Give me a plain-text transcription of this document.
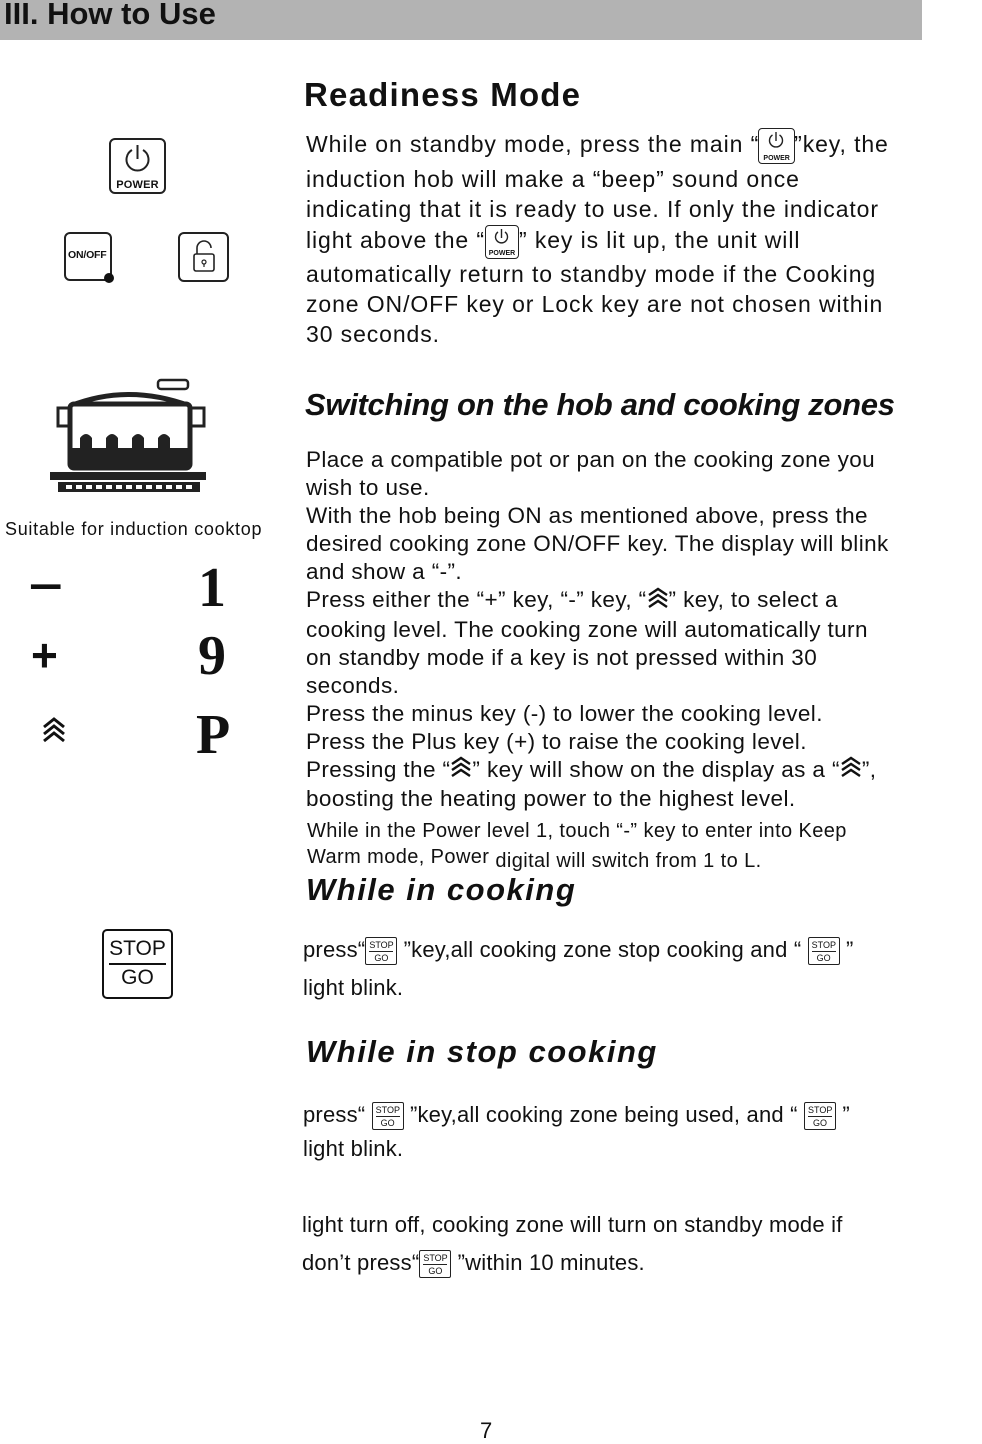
III. How to Use
POWER
ON/OFF
Suitable for induction cooktop
–
+
1
9
P
STOP
GO
Readiness Mode
While on standby mode, press the main “
POWER
”key, the
induction hob will make a “beep” sound once
indicating that it is ready to use. If only the indicator
light above the “
POWER
” key is lit up, the unit will
automatically return to standby mode if the Cooking
zone ON/OFF key or Lock key are not chosen within
30 seconds.
Switching on the hob and cooking zones
Place a compatible pot or pan on the cooking zone you
wish to use.
With the hob being ON as mentioned above, press the
desired cooking zone ON/OFF key. The display will blink
and show a “-”.
Press either the “+” key, “-” key, “ ” key, to select a
cooking level. The cooking zone will automatically turn
on standby mode if a key is not pressed within 30
seconds.
Press the minus key (-) to lower the cooking level.
Press the Plus key (+) to raise the cooking level.
Pressing the “ ” key will show on the display as a “ ”,
boosting the heating power to the highest level.
While in the Power level 1, touch “-” key to enter into Keep
Warm mode, Power digital will switch from 1 to L.
While in cooking
press“ STOP
GO ”key,all cooking zone stop cooking and “ STOP
GO ”
light blink.
While in stop cooking
press“ STOP
GO ”key,all cooking zone being used, and “ STOP
GO ”
light blink.
light turn off, cooking zone will turn on standby mode if
don’t press“ STOP
GO ”within 10 minutes.
7
